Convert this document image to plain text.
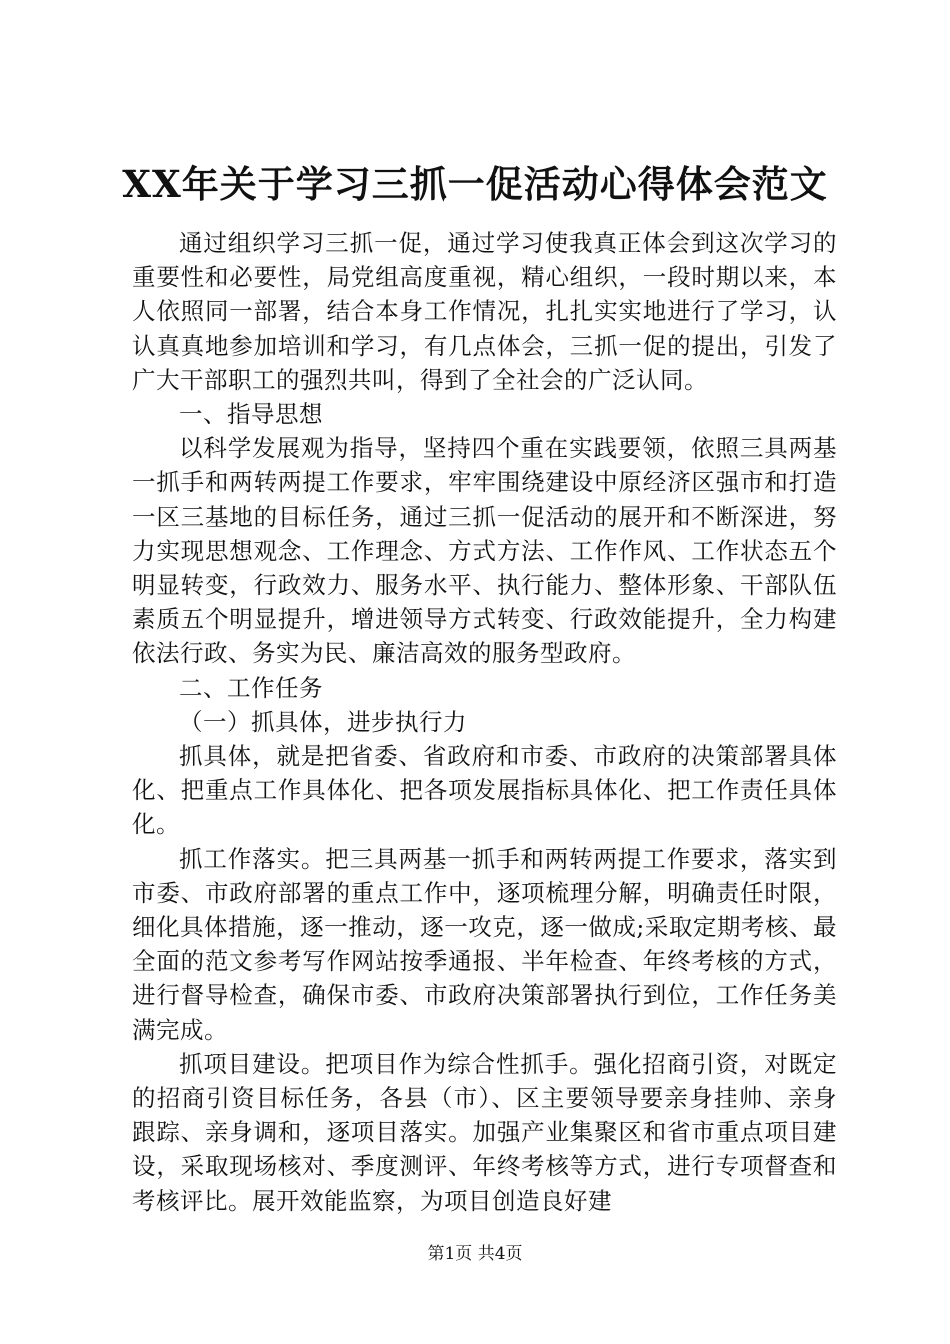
XX年关于学习三抓一促活动心得体会范文

通过组织学习三抓一促，通过学习使我真正体会到这次学习的重要性和必要性，局党组高度重视，精心组织，一段时期以来，本人依照同一部署，结合本身工作情况，扎扎实实地进行了学习，认认真真地参加培训和学习，有几点体会，三抓一促的提出，引发了广大干部职工的强烈共叫，得到了全社会的广泛认同。

一、指导思想

以科学发展观为指导，坚持四个重在实践要领，依照三具两基一抓手和两转两提工作要求，牢牢围绕建设中原经济区强市和打造一区三基地的目标任务，通过三抓一促活动的展开和不断深进，努力实现思想观念、工作理念、方式方法、工作作风、工作状态五个明显转变，行政效力、服务水平、执行能力、整体形象、干部队伍素质五个明显提升，增进领导方式转变、行政效能提升，全力构建依法行政、务实为民、廉洁高效的服务型政府。

二、工作任务

（一）抓具体，进步执行力

抓具体，就是把省委、省政府和市委、市政府的决策部署具体化、把重点工作具体化、把各项发展指标具体化、把工作责任具体化。

抓工作落实。把三具两基一抓手和两转两提工作要求，落实到市委、市政府部署的重点工作中，逐项梳理分解，明确责任时限，细化具体措施，逐一推动，逐一攻克，逐一做成;采取定期考核、最全面的范文参考写作网站按季通报、半年检查、年终考核的方式，进行督导检查，确保市委、市政府决策部署执行到位，工作任务美满完成。

抓项目建设。把项目作为综合性抓手。强化招商引资，对既定的招商引资目标任务，各县（市）、区主要领导要亲身挂帅、亲身跟踪、亲身调和，逐项目落实。加强产业集聚区和省市重点项目建设，采取现场核对、季度测评、年终考核等方式，进行专项督查和考核评比。展开效能监察，为项目创造良好建

第1页 共4页
